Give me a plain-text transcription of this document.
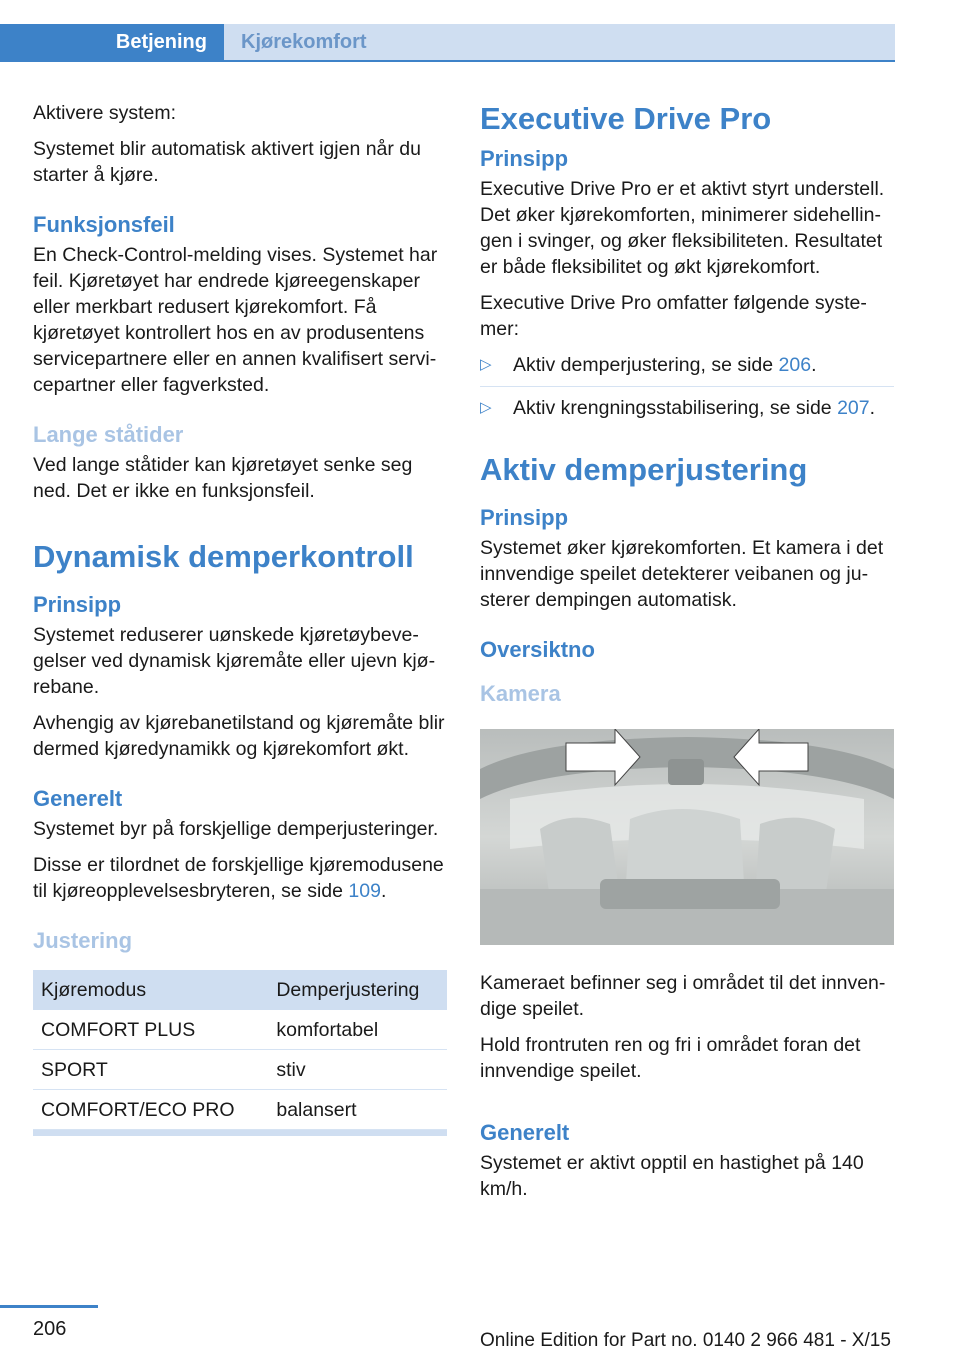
Betjening	Kjørekomfort

Aktivere system:

Systemet blir automatisk aktivert igjen når du starter å kjøre.

Funksjonsfeil

En Check-Control-melding vises. Systemet har feil. Kjøretøyet har endrede kjøreegenskaper eller merkbart redusert kjørekomfort. Få kjøretøyet kontrollert hos en av produsentens servicepartnere eller en annen kvalifisert servicepartner eller fagverksted.

Lange ståtider

Ved lange ståtider kan kjøretøyet senke seg ned. Det er ikke en funksjonsfeil.

Dynamisk demperkontroll
Prinsipp

Systemet reduserer uønskede kjøretøybevegelser ved dynamisk kjøremåte eller ujevn kjørebane.

Avhengig av kjørebanetilstand og kjøremåte blir dermed kjøredynamikk og kjørekomfort økt.

Generelt

Systemet byr på forskjellige demperjusteringer.

Disse er tilordnet de forskjellige kjøremodusene til kjøreopplevelsesbryteren, se side 109.

Justering
Kjøremodus	Demperjustering
COMFORT PLUS	komfortabel
SPORT	stiv
COMFORT/ECO PRO	balansert
Executive Drive Pro
Prinsipp

Executive Drive Pro er et aktivt styrt understell. Det øker kjørekomforten, minimerer sidehellingen i svinger, og øker fleksibiliteten. Resultatet er både fleksibilitet og økt kjørekomfort.

Executive Drive Pro omfatter følgende systemer:

▷ Aktiv demperjustering, se side 206.
▷ Aktiv krengningsstabilisering, se side 207.
Aktiv demperjustering
Prinsipp

Systemet øker kjørekomforten. Et kamera i det innvendige speilet detekterer veibanen og justerer dempingen automatisk.

Oversiktno
Kamera

Kameraet befinner seg i området til det innvendige speilet.

Hold frontruten ren og fri i området foran det innvendige speilet.

Generelt

Systemet er aktivt opptil en hastighet på 140 km/h.

206
Online Edition for Part no. 0140 2 966 481 - X/15
